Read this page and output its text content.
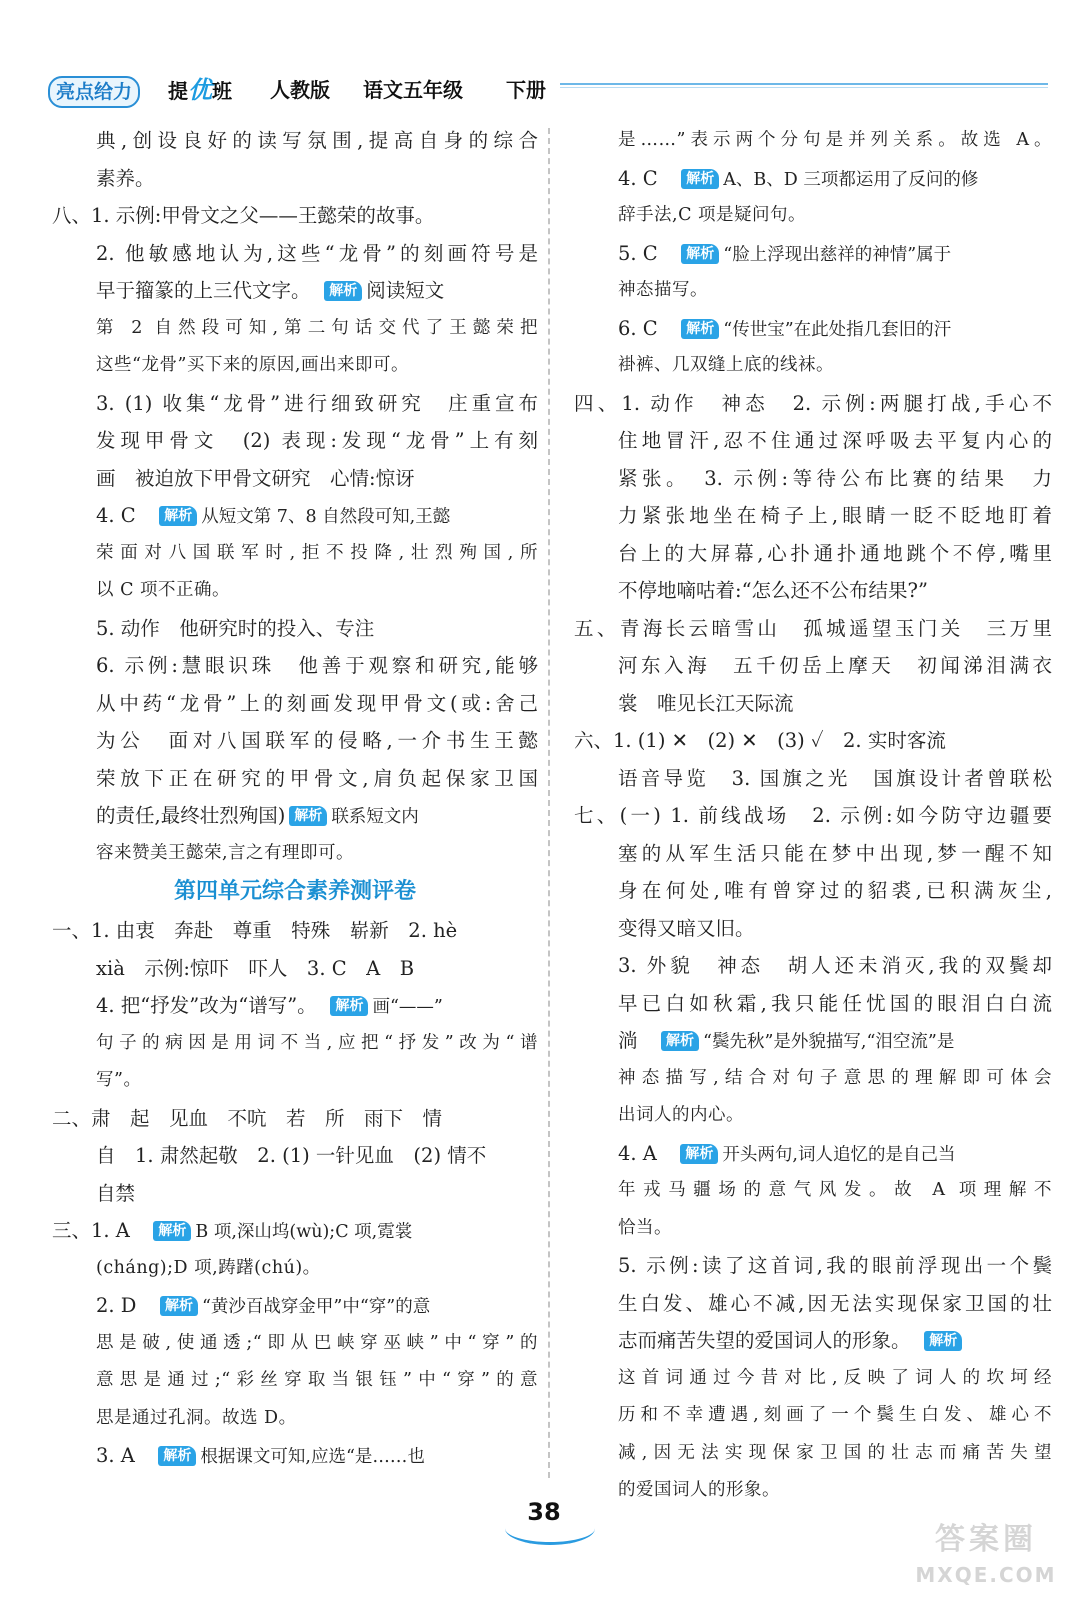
亮点给力	提优班 人教版 语文五年级 下册
典,创设良好的读写氛围,提高自身的综合
素养。
八、1. 示例:甲骨文之父——王懿荣的故事。
2. 他敏感地认为,这些“龙骨”的刻画符号是
早于籀篆的上三代文字。　 解析 阅读短文
第 2 自然段可知,第二句话交代了王懿荣把
这些“龙骨”买下来的原因,画出来即可。
3. (1) 收集“龙骨”进行细致研究　庄重宣布
发现甲骨文　(2) 表现:发现“龙骨”上有刻
画　被迫放下甲骨文研究　心情:惊讶
4. C　 解析 从短文第 7、8 自然段可知,王懿
荣面对八国联军时,拒不投降,壮烈殉国,所
以 C 项不正确。
5. 动作　他研究时的投入、专注
6. 示例:慧眼识珠　他善于观察和研究,能够
从中药“龙骨”上的刻画发现甲骨文(或:舍己
为公　面对八国联军的侵略,一介书生王懿
荣放下正在研究的甲骨文,肩负起保家卫国
的责任,最终壮烈殉国) 解析 联系短文内
容来赞美王懿荣,言之有理即可。
第四单元综合素养测评卷
一、1. 由衷　奔赴　尊重　特殊　崭新　2. hè
xià　示例:惊吓　吓人　3. C　A　B
4. 把“抒发”改为“谱写”。　 解析 画“——”
句子的病因是用词不当,应把“抒发”改为“谱
写”。
二、肃　起　见血　不吭　若　所　雨下　情
自　1. 肃然起敬　2. (1) 一针见血　(2) 情不
自禁
三、1. A　 解析 B 项,深山坞(wù);C 项,霓裳
(cháng);D 项,踌躇(chú)。
2. D　 解析 “黄沙百战穿金甲”中“穿”的意
思是破,使通透;“即从巴峡穿巫峡”中“穿”的
意思是通过;“彩丝穿取当银钰”中“穿”的意
思是通过孔洞。故选 D。
3. A　 解析 根据课文可知,应选“是……也
是……”表示两个分句是并列关系。故选 A。
4. C　 解析 A、B、D 三项都运用了反问的修
辞手法,C 项是疑问句。
5. C　 解析 “脸上浮现出慈祥的神情”属于
神态描写。
6. C　 解析 “传世宝”在此处指几套旧的汗
褂裤、几双缝上底的线袜。
四、1. 动作　神态　2. 示例:两腿打战,手心不
住地冒汗,忍不住通过深呼吸去平复内心的
紧张。　3. 示例:等待公布比赛的结果　力
力紧张地坐在椅子上,眼睛一眨不眨地盯着
台上的大屏幕,心扑通扑通地跳个不停,嘴里
不停地嘀咕着:“怎么还不公布结果?”
五、青海长云暗雪山　孤城遥望玉门关　三万里
河东入海　五千仞岳上摩天　初闻涕泪满衣
裳　唯见长江天际流
六、1. (1) ✕　(2) ✕　(3) ✓　2. 实时客流
语音导览　3. 国旗之光　国旗设计者曾联松
七、(一) 1. 前线战场　2. 示例:如今防守边疆要
塞的从军生活只能在梦中出现,梦一醒不知
身在何处,唯有曾穿过的貂裘,已积满灰尘,
变得又暗又旧。
3. 外貌　神态　胡人还未消灭,我的双鬓却
早已白如秋霜,我只能任忧国的眼泪白白流
淌　 解析 “鬓先秋”是外貌描写,“泪空流”是
神态描写,结合对句子意思的理解即可体会
出词人的内心。
4. A　 解析 开头两句,词人追忆的是自己当
年戎马疆场的意气风发。故 A 项理解不
恰当。
5. 示例:读了这首词,我的眼前浮现出一个鬓
生白发、雄心不减,因无法实现保家卫国的壮
志而痛苦失望的爱国词人的形象。　 解析
这首词通过今昔对比,反映了词人的坎坷经
历和不幸遭遇,刻画了一个鬓生白发、雄心不
减,因无法实现保家卫国的壮志而痛苦失望
的爱国词人的形象。
38
答案圈
MXQE.COM
